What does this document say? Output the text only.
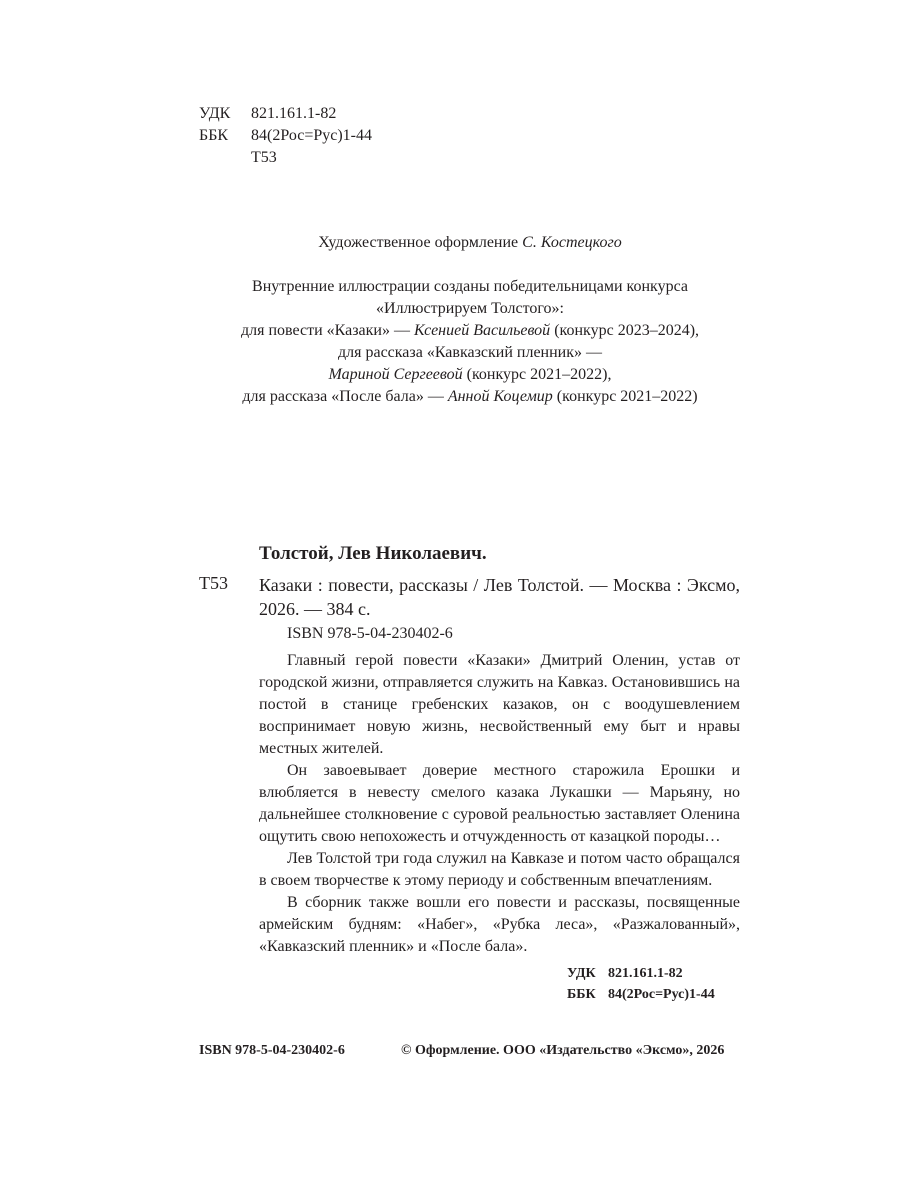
УДК	821.161.1-82
ББК	84(2Рос=Рус)1-44
Т53
Художественное оформление С. Костецкого
Внутренние иллюстрации созданы победительницами конкурса
«Иллюстрируем Толстого»:
для повести «Казаки» — Ксенией Васильевой (конкурс 2023–2024),
для рассказа «Кавказский пленник» —
Мариной Сергеевой (конкурс 2021–2022),
для рассказа «После бала» — Анной Коцемир (конкурс 2021–2022)
Толстой, Лев Николаевич.
Т53 Казаки : повести, рассказы / Лев Толстой. — Москва : Эксмо, 2026. — 384 с.
ISBN 978-5-04-230402-6

Главный герой повести «Казаки» Дмитрий Оленин, устав от городской жизни, отправляется служить на Кавказ. Остановившись на постой в станице гребенских казаков, он с воодушевлением воспринимает новую жизнь, несвойственный ему быт и нравы местных жителей.

Он завоевывает доверие местного старожила Ерошки и влюбляется в невесту смелого казака Лукашки — Марьяну, но дальнейшее столкновение с суровой реальностью заставляет Оленина ощутить свою непохожесть и отчужденность от казацкой породы…

Лев Толстой три года служил на Кавказе и потом часто обращался в своем творчестве к этому периоду и собственным впечатлениям.

В сборник также вошли его повести и рассказы, посвященные армейским будням: «Набег», «Рубка леса», «Разжалованный», «Кавказский пленник» и «После бала».

УДК 821.161.1-82
ББК 84(2Рос=Рус)1-44
ISBN 978-5-04-230402-6	© Оформление. ООО «Издательство «Эксмо», 2026
